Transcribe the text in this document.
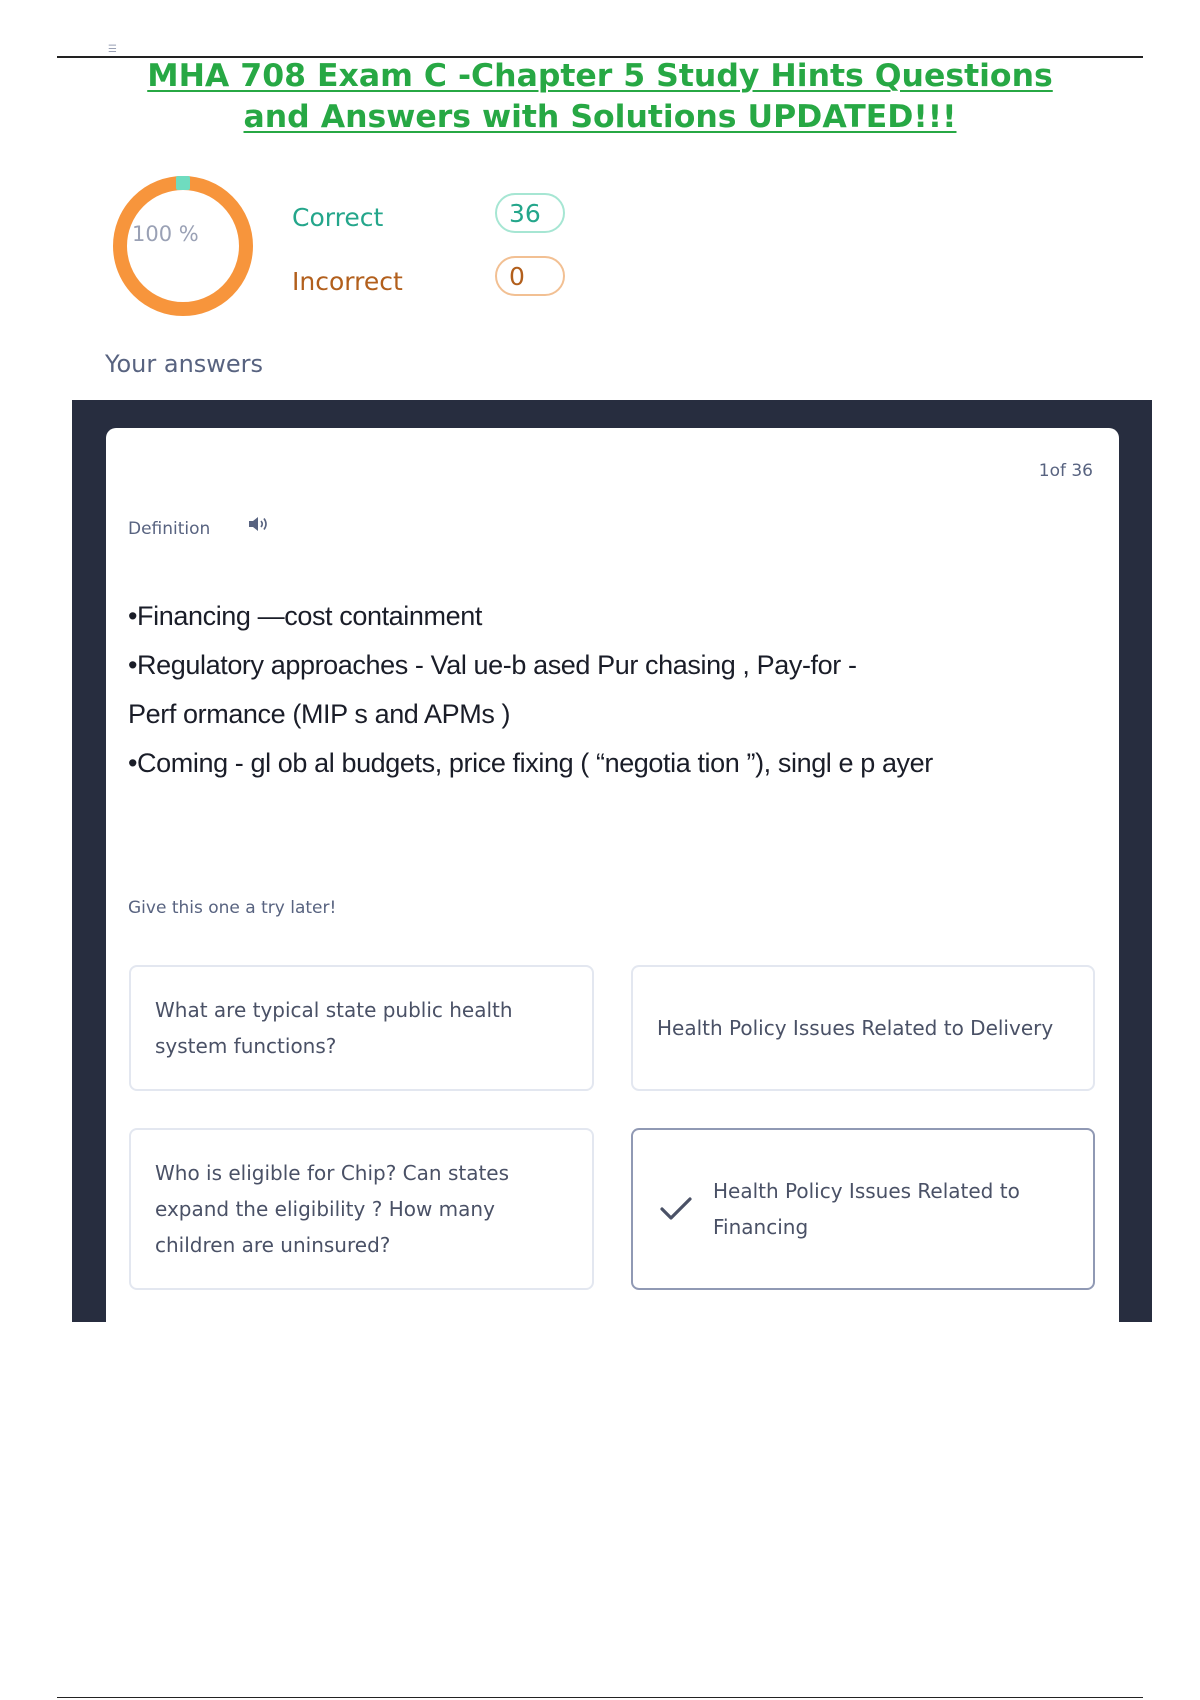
☰
MHA 708 Exam C -Chapter 5 Study Hints Questions
and Answers with Solutions UPDATED!!!
100 %
Correct	36
Incorrect	0
Your answers
1of 36
Definition

•Financing —cost containment

•Regulatory approaches - Val ue-b ased Pur chasing , Pay-for -

Perf ormance (MIP s and APMs )

•Coming - gl ob al budgets, price fixing ( “negotia tion ”), singl e p ayer

Give this one a try later!
What are typical state public health system functions?
Health Policy Issues Related to Delivery
Who is eligible for Chip? Can states expand the eligibility ? How many children are uninsured?
Health Policy Issues Related to Financing
